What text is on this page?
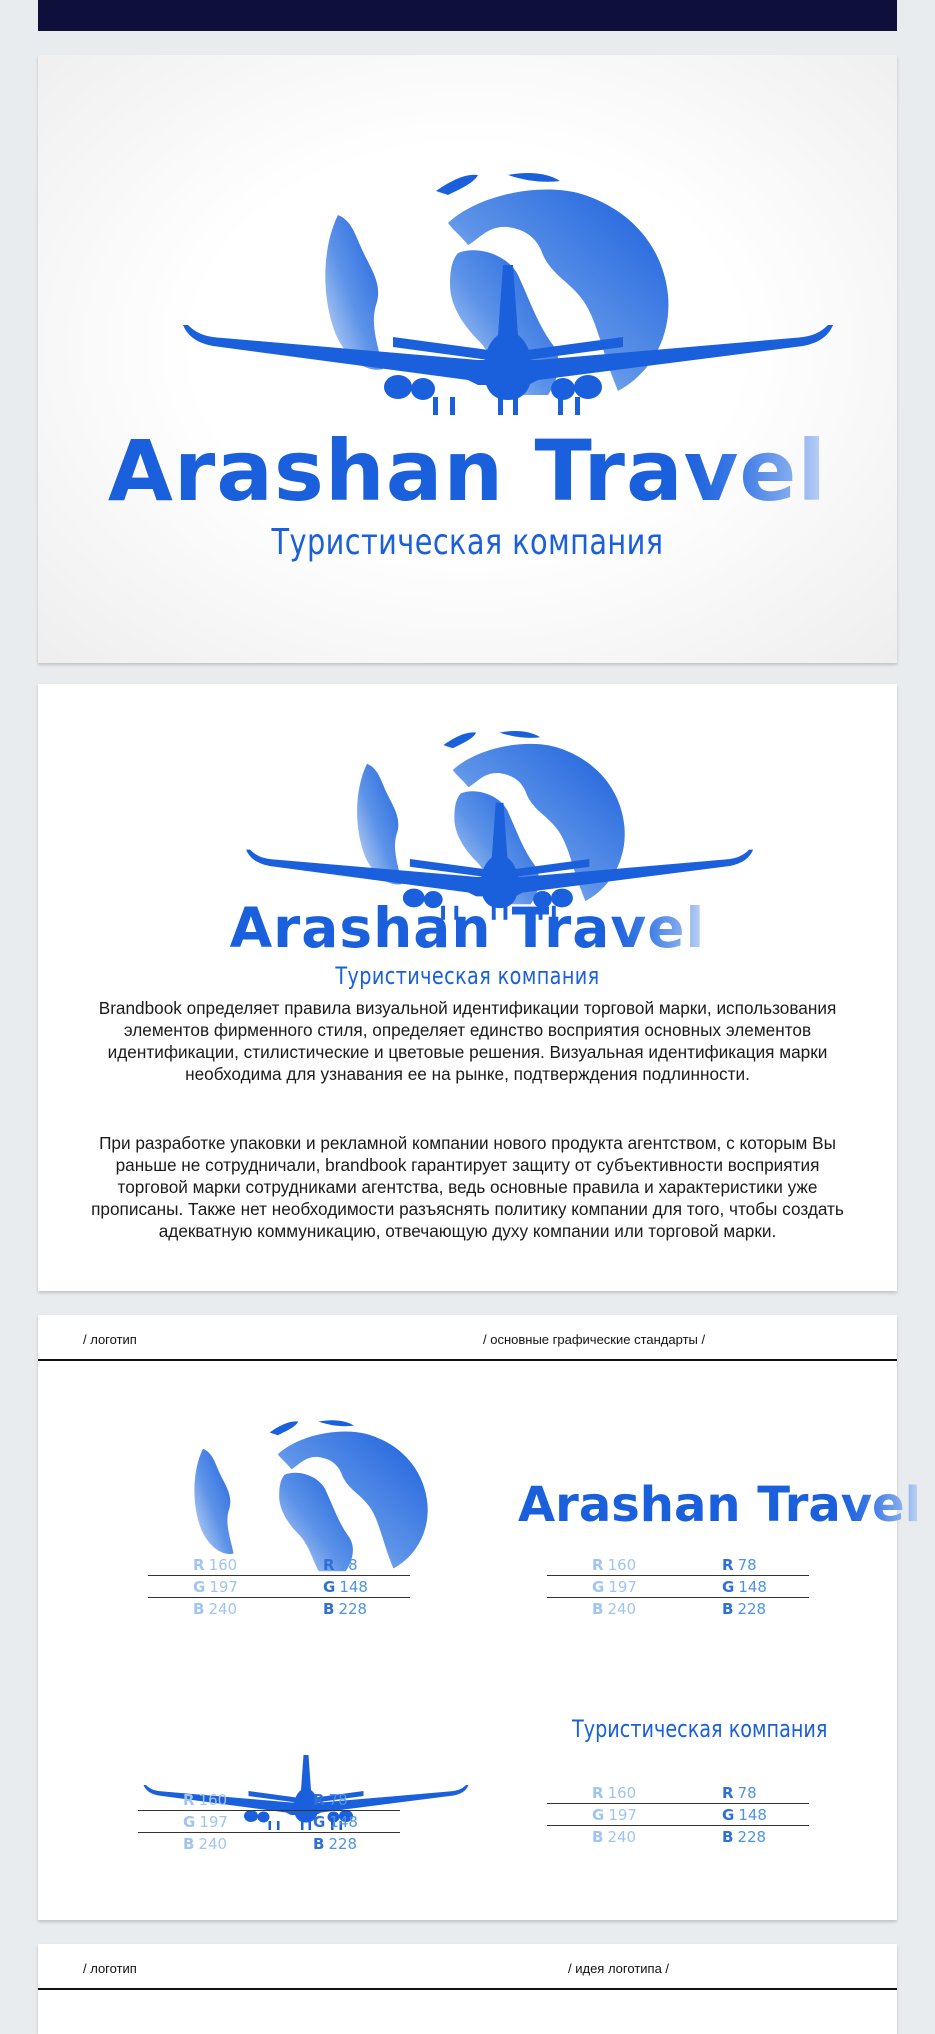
Arashan Travel
Туристическая компания
Arashan Travel
Туристическая компания

Brandbook определяет правила визуальной идентификации торговой марки, использования элементов фирменного стиля, определяет единство восприятия основных элементов идентификации, стилистические и цветовые решения. Визуальная идентификация марки необходима для узнавания ее на рынке, подтверждения подлинности.

При разработке упаковки и рекламной компании нового продукта агентством, с которым Вы раньше не сотрудничали, brandbook гарантирует защиту от субъективности восприятия торговой марки сотрудниками агентства, ведь основные правила и характеристики уже прописаны. Также нет необходимости разъяснять политику компании для того, чтобы создать адекватную коммуникацию, отвечающую духу компании или торговой марки.

/ логотип	/ основные графические стандарты /
R 160	R 78
G 197	G 148
B 240	B 228
Arashan Travel
R 160	R 78
G 197	G 148
B 240	B 228
R 160	R 78
G 197	G 148
B 240	B 228
Туристическая компания
R 160	R 78
G 197	G 148
B 240	B 228
/ логотип	/ идея логотипа /
